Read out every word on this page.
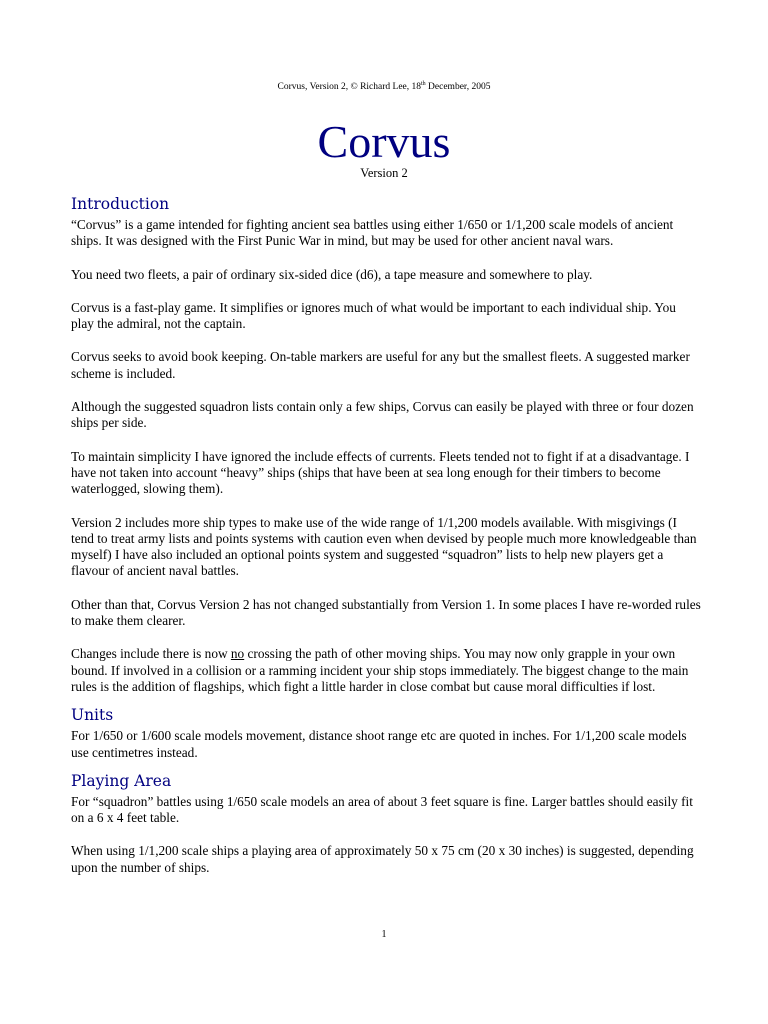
Corvus, Version 2, © Richard Lee, 18th December, 2005
Corvus
Version 2
Introduction

“Corvus” is a game intended for fighting ancient sea battles using either 1/650 or 1/1,200 scale models of ancient ships. It was designed with the First Punic War in mind, but may be used for other ancient naval wars.

You need two fleets, a pair of ordinary six-sided dice (d6), a tape measure and somewhere to play.

Corvus is a fast-play game. It simplifies or ignores much of what would be important to each individual ship. You play the admiral, not the captain.

Corvus seeks to avoid book keeping. On-table markers are useful for any but the smallest fleets. A suggested marker scheme is included.

Although the suggested squadron lists contain only a few ships, Corvus can easily be played with three or four dozen ships per side.

To maintain simplicity I have ignored the include effects of currents. Fleets tended not to fight if at a disadvantage. I have not taken into account “heavy” ships (ships that have been at sea long enough for their timbers to become waterlogged, slowing them).

Version 2 includes more ship types to make use of the wide range of 1/1,200 models available. With misgivings (I tend to treat army lists and points systems with caution even when devised by people much more knowledgeable than myself) I have also included an optional points system and suggested “squadron” lists to help new players get a flavour of ancient naval battles.

Other than that, Corvus Version 2 has not changed substantially from Version 1. In some places I have re-worded rules to make them clearer.

Changes include there is now no crossing the path of other moving ships. You may now only grapple in your own bound. If involved in a collision or a ramming incident your ship stops immediately. The biggest change to the main rules is the addition of flagships, which fight a little harder in close combat but cause moral difficulties if lost.

Units

For 1/650 or 1/600 scale models movement, distance shoot range etc are quoted in inches. For 1/1,200 scale models use centimetres instead.

Playing Area

For “squadron” battles using 1/650 scale models an area of about 3 feet square is fine. Larger battles should easily fit on a 6 x 4 feet table.

When using 1/1,200 scale ships a playing area of approximately 50 x 75 cm (20 x 30 inches) is suggested, depending upon the number of ships.

1
